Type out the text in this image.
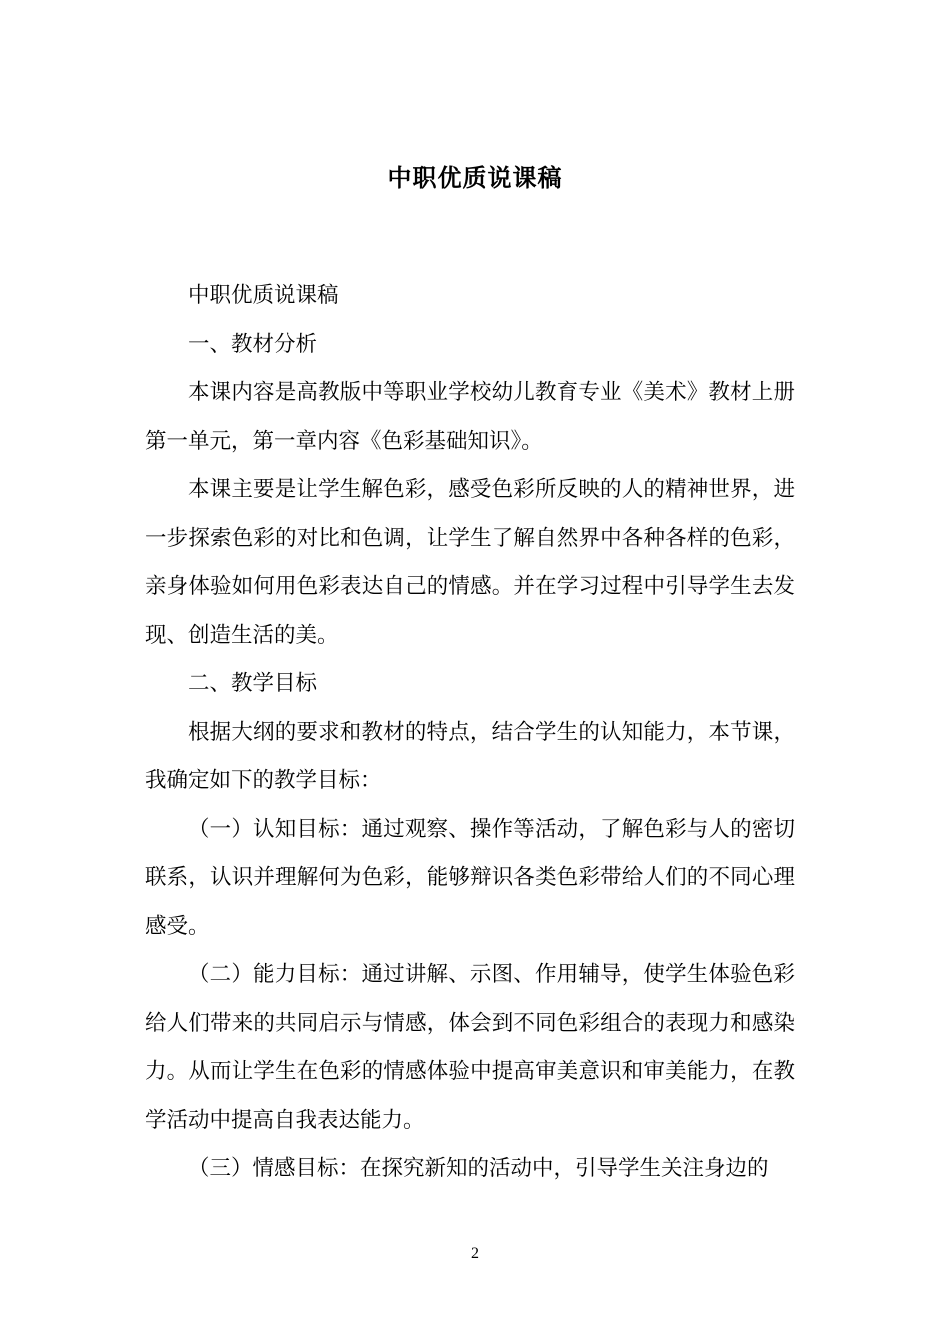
中职优质说课稿

中职优质说课稿

一、教材分析

本课内容是高教版中等职业学校幼儿教育专业《美术》教材上册第一单元，第一章内容《色彩基础知识》。

本课主要是让学生解色彩，感受色彩所反映的人的精神世界，进一步探索色彩的对比和色调，让学生了解自然界中各种各样的色彩，亲身体验如何用色彩表达自己的情感。并在学习过程中引导学生去发现、创造生活的美。

二、教学目标

根据大纲的要求和教材的特点，结合学生的认知能力，本节课，我确定如下的教学目标：

（一）认知目标：通过观察、操作等活动，了解色彩与人的密切联系，认识并理解何为色彩，能够辩识各类色彩带给人们的不同心理感受。

（二）能力目标：通过讲解、示图、作用辅导，使学生体验色彩给人们带来的共同启示与情感，体会到不同色彩组合的表现力和感染力。从而让学生在色彩的情感体验中提高审美意识和审美能力，在教学活动中提高自我表达能力。

（三）情感目标：在探究新知的活动中，引导学生关注身边的

2
